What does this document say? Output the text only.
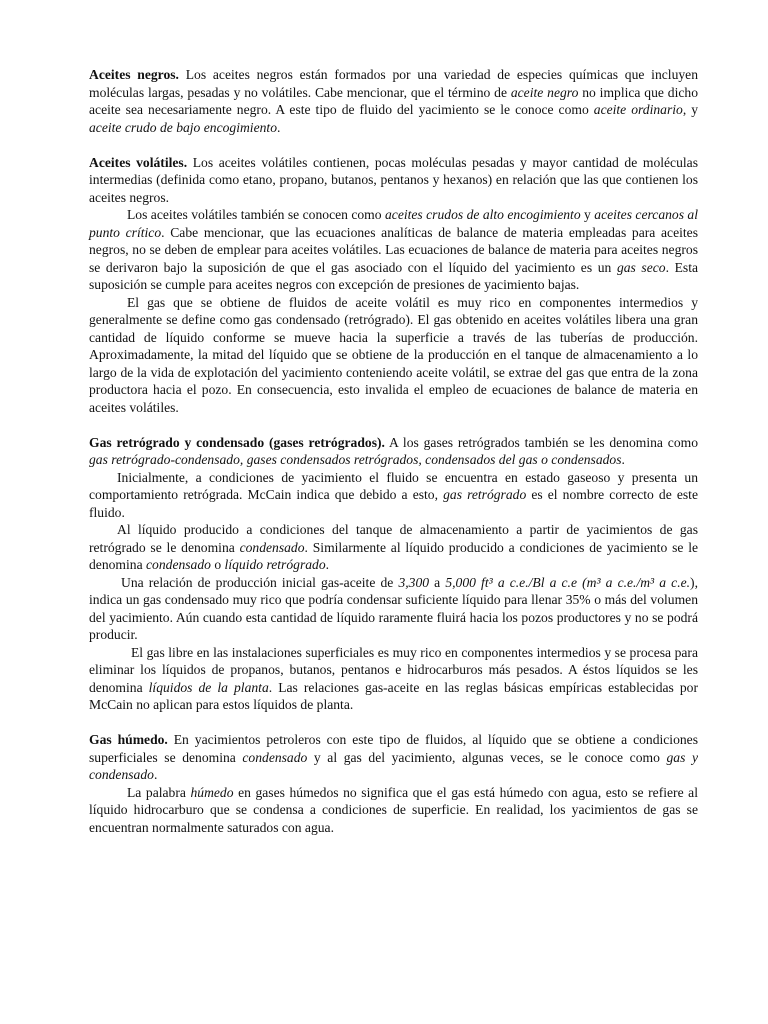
Aceites negros. Los aceites negros están formados por una variedad de especies químicas que incluyen moléculas largas, pesadas y no volátiles. Cabe mencionar, que el término de aceite negro no implica que dicho aceite sea necesariamente negro. A este tipo de fluido del yacimiento se le conoce como aceite ordinario, y aceite crudo de bajo encogimiento.

Aceites volátiles. Los aceites volátiles contienen, pocas moléculas pesadas y mayor cantidad de moléculas intermedias (definida como etano, propano, butanos, pentanos y hexanos) en relación que las que contienen los aceites negros.

Los aceites volátiles también se conocen como aceites crudos de alto encogimiento y aceites cercanos al punto crítico. Cabe mencionar, que las ecuaciones analíticas de balance de materia empleadas para aceites negros, no se deben de emplear para aceites volátiles. Las ecuaciones de balance de materia para aceites negros se derivaron bajo la suposición de que el gas asociado con el líquido del yacimiento es un gas seco. Esta suposición se cumple para aceites negros con excepción de presiones de yacimiento bajas.

El gas que se obtiene de fluidos de aceite volátil es muy rico en componentes intermedios y generalmente se define como gas condensado (retrógrado). El gas obtenido en aceites volátiles libera una gran cantidad de líquido conforme se mueve hacia la superficie a través de las tuberías de producción. Aproximadamente, la mitad del líquido que se obtiene de la producción en el tanque de almacenamiento a lo largo de la vida de explotación del yacimiento conteniendo aceite volátil, se extrae del gas que entra de la zona productora hacia el pozo. En consecuencia, esto invalida el empleo de ecuaciones de balance de materia en aceites volátiles.

Gas retrógrado y condensado (gases retrógrados). A los gases retrógrados también se les denomina como gas retrógrado-condensado, gases condensados retrógrados, condensados del gas o condensados.

Inicialmente, a condiciones de yacimiento el fluido se encuentra en estado gaseoso y presenta un comportamiento retrógrada. McCain indica que debido a esto, gas retrógrado es el nombre correcto de este fluido.

Al líquido producido a condiciones del tanque de almacenamiento a partir de yacimientos de gas retrógrado se le denomina condensado. Similarmente al líquido producido a condiciones de yacimiento se le denomina condensado o líquido retrógrado.

Una relación de producción inicial gas-aceite de 3,300 a 5,000 ft³ a c.e./Bl a c.e (m³ a c.e./m³ a c.e.), indica un gas condensado muy rico que podría condensar suficiente líquido para llenar 35% o más del volumen del yacimiento. Aún cuando esta cantidad de líquido raramente fluirá hacia los pozos productores y no se podrá producir.

El gas libre en las instalaciones superficiales es muy rico en componentes intermedios y se procesa para eliminar los líquidos de propanos, butanos, pentanos e hidrocarburos más pesados. A éstos líquidos se les denomina líquidos de la planta. Las relaciones gas-aceite en las reglas básicas empíricas establecidas por McCain no aplican para estos líquidos de planta.

Gas húmedo. En yacimientos petroleros con este tipo de fluidos, al líquido que se obtiene a condiciones superficiales se denomina condensado y al gas del yacimiento, algunas veces, se le conoce como gas y condensado.

La palabra húmedo en gases húmedos no significa que el gas está húmedo con agua, esto se refiere al líquido hidrocarburo que se condensa a condiciones de superficie. En realidad, los yacimientos de gas se encuentran normalmente saturados con agua.
